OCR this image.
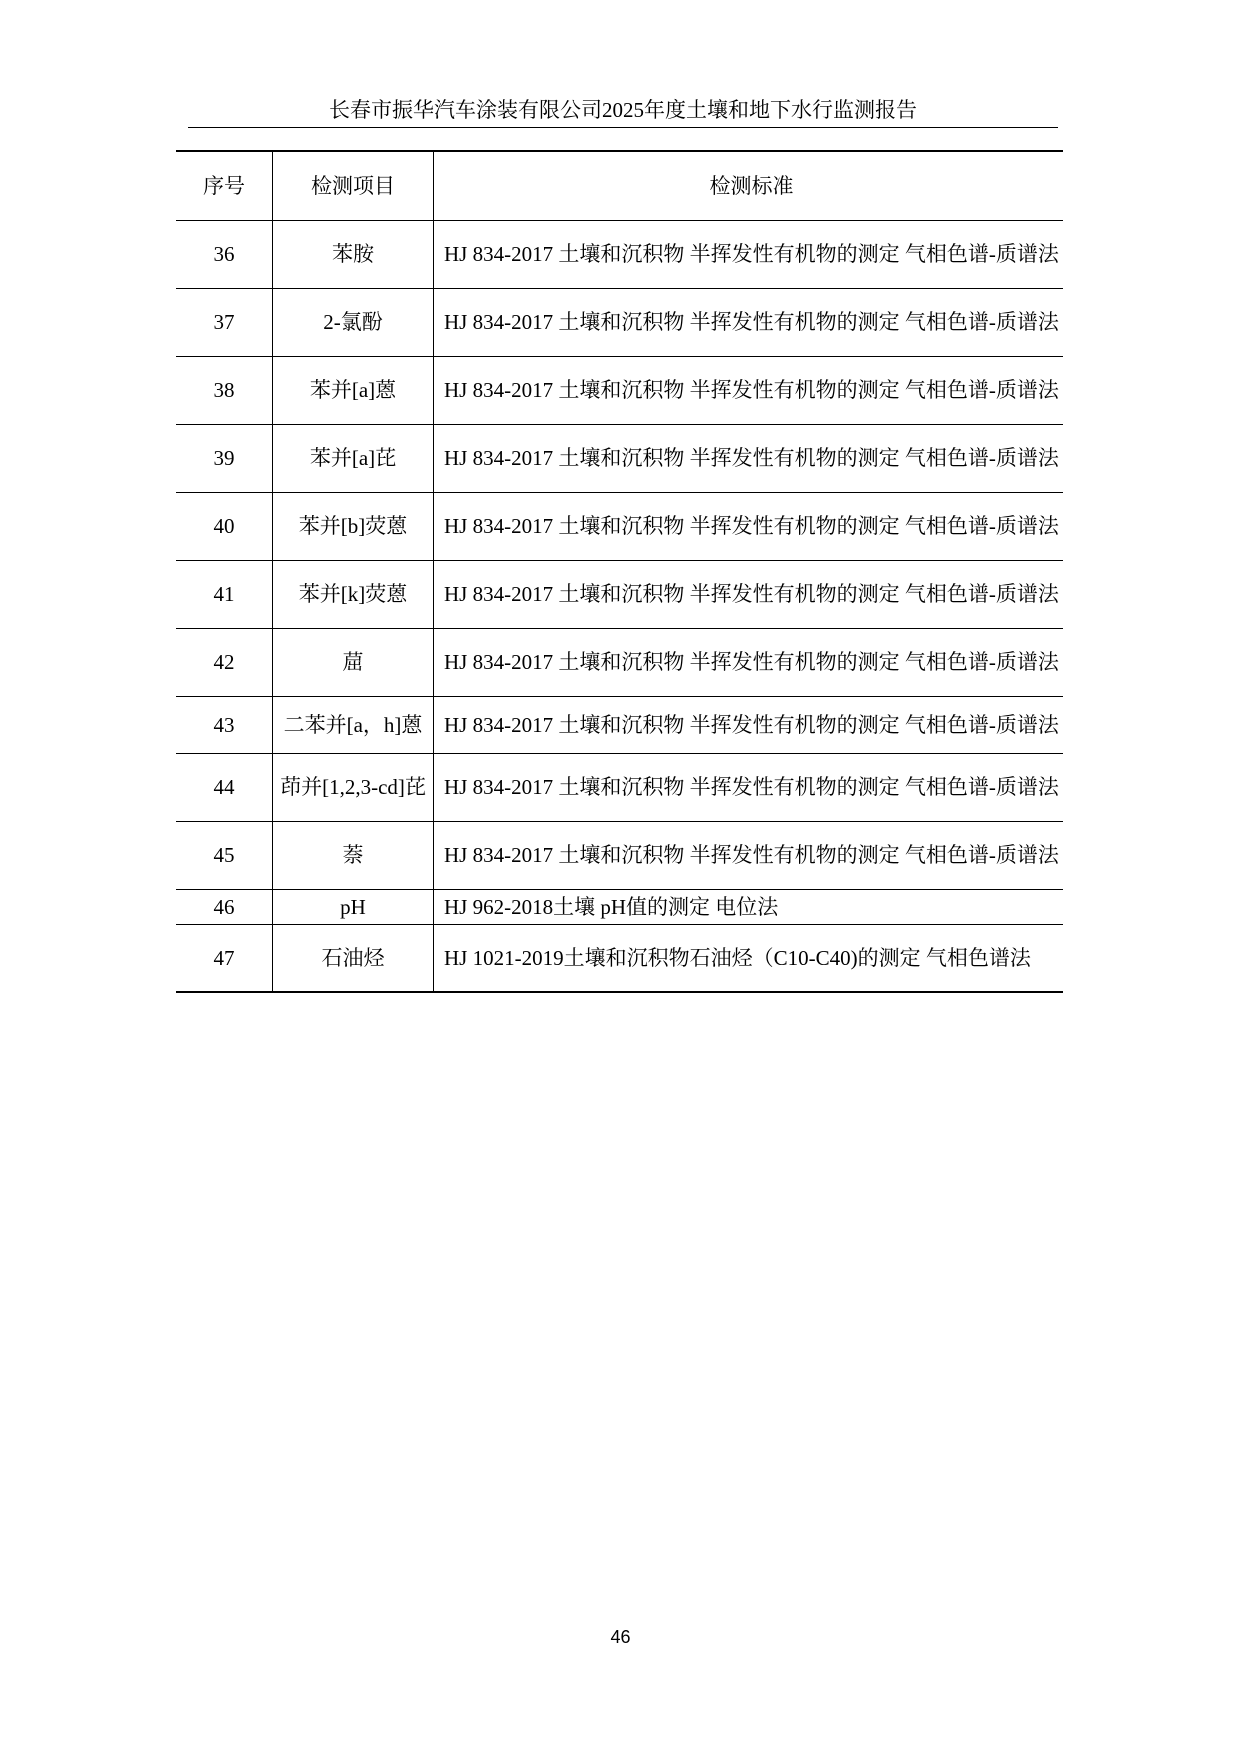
长春市振华汽车涂装有限公司2025年度土壤和地下水行监测报告
序号	检测项目	检测标准
36	苯胺	HJ 834-2017 土壤和沉积物 半挥发性有机物的测定 气相色谱-质谱法
37	2-氯酚	HJ 834-2017 土壤和沉积物 半挥发性有机物的测定 气相色谱-质谱法
38	苯并[a]蒽	HJ 834-2017 土壤和沉积物 半挥发性有机物的测定 气相色谱-质谱法
39	苯并[a]芘	HJ 834-2017 土壤和沉积物 半挥发性有机物的测定 气相色谱-质谱法
40	苯并[b]荧蒽	HJ 834-2017 土壤和沉积物 半挥发性有机物的测定 气相色谱-质谱法
41	苯并[k]荧蒽	HJ 834-2017 土壤和沉积物 半挥发性有机物的测定 气相色谱-质谱法
42	䓛	HJ 834-2017 土壤和沉积物 半挥发性有机物的测定 气相色谱-质谱法
43	二苯并[a，h]蒽	HJ 834-2017 土壤和沉积物 半挥发性有机物的测定 气相色谱-质谱法
44	茚并[1,2,3-cd]芘	HJ 834-2017 土壤和沉积物 半挥发性有机物的测定 气相色谱-质谱法
45	萘	HJ 834-2017 土壤和沉积物 半挥发性有机物的测定 气相色谱-质谱法
46	pH	HJ 962-2018土壤 pH值的测定 电位法
47	石油烃	HJ 1021-2019土壤和沉积物石油烃（C10-C40)的测定 气相色谱法
46
